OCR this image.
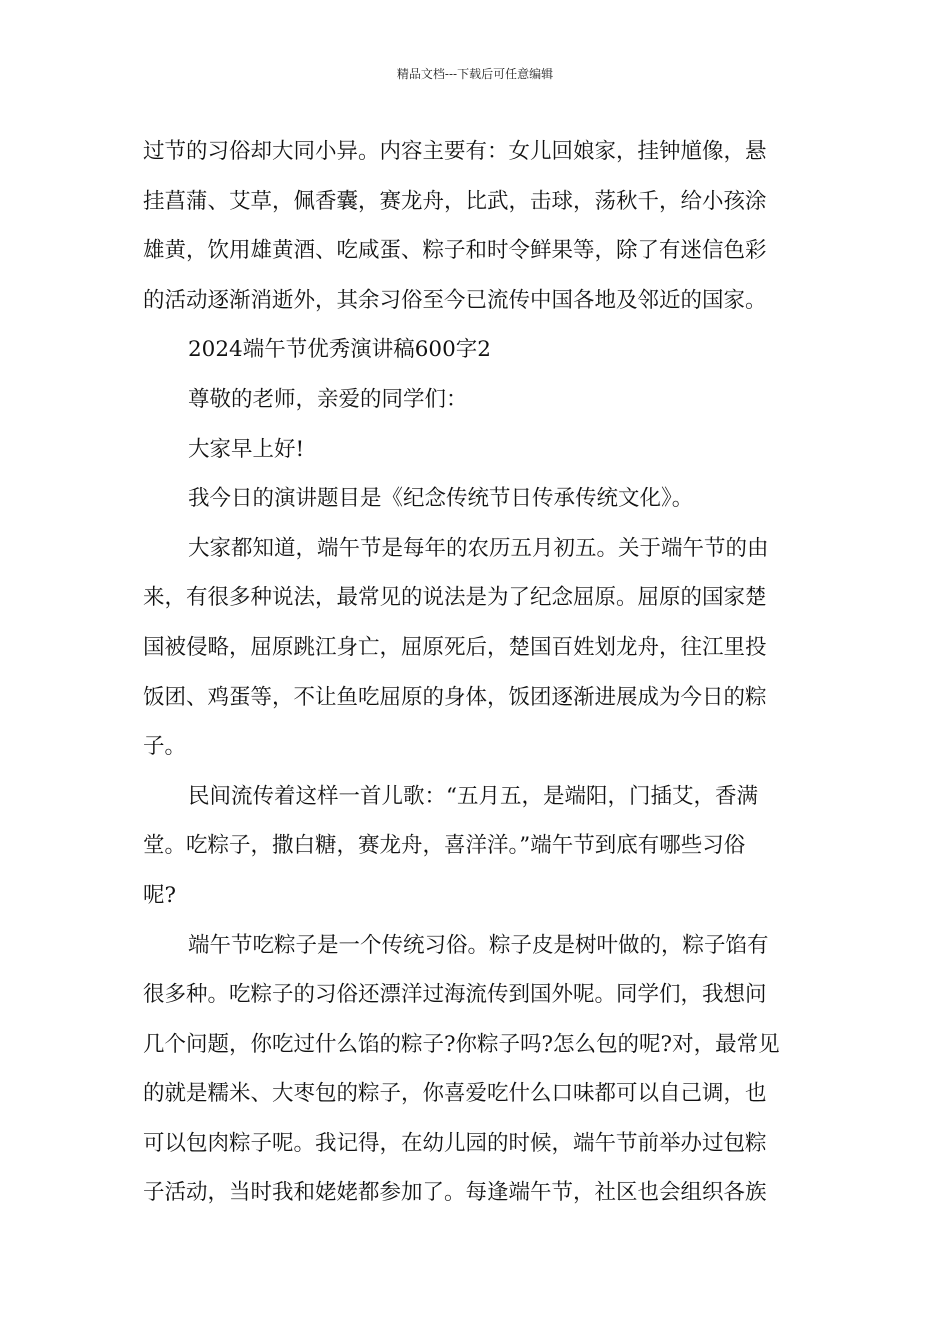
精品文档---下载后可任意编辑
过节的习俗却大同小异。内容主要有：女儿回娘家，挂钟馗像，悬
挂菖蒲、艾草，佩香囊，赛龙舟，比武，击球，荡秋千，给小孩涂
雄黄，饮用雄黄酒、吃咸蛋、粽子和时令鲜果等，除了有迷信色彩
的活动逐渐消逝外，其余习俗至今已流传中国各地及邻近的国家。
2024端午节优秀演讲稿600字2
尊敬的老师，亲爱的同学们：
大家早上好!
我今日的演讲题目是《纪念传统节日传承传统文化》。
大家都知道，端午节是每年的农历五月初五。关于端午节的由
来，有很多种说法，最常见的说法是为了纪念屈原。屈原的国家楚
国被侵略，屈原跳江身亡，屈原死后，楚国百姓划龙舟，往江里投
饭团、鸡蛋等，不让鱼吃屈原的身体，饭团逐渐进展成为今日的粽
子。
民间流传着这样一首儿歌：“五月五，是端阳，门插艾，香满
堂。吃粽子，撒白糖，赛龙舟，喜洋洋。”端午节到底有哪些习俗
呢?
端午节吃粽子是一个传统习俗。粽子皮是树叶做的，粽子馅有
很多种。吃粽子的习俗还漂洋过海流传到国外呢。同学们，我想问
几个问题，你吃过什么馅的粽子?你粽子吗?怎么包的呢?对，最常见
的就是糯米、大枣包的粽子，你喜爱吃什么口味都可以自己调，也
可以包肉粽子呢。我记得，在幼儿园的时候，端午节前举办过包粽
子活动，当时我和姥姥都参加了。每逢端午节，社区也会组织各族
